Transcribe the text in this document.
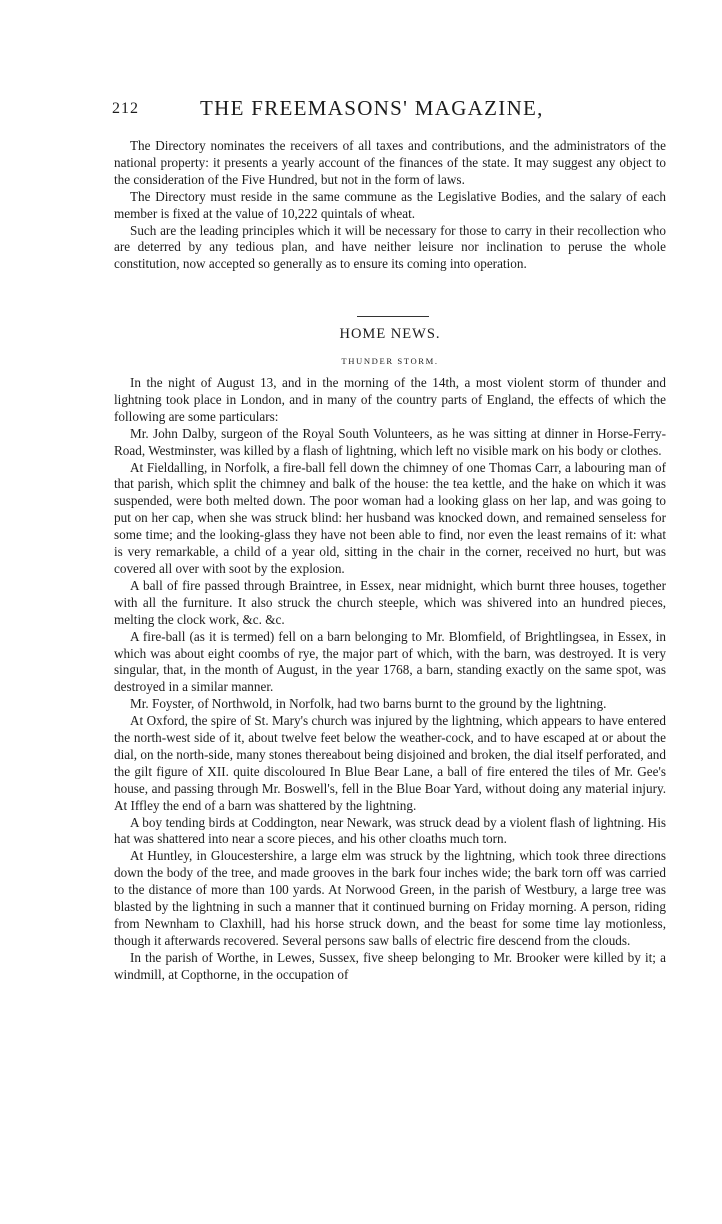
212	THE FREEMASONS' MAGAZINE,

The Directory nominates the receivers of all taxes and contributions, and the administrators of the national property: it presents a yearly account of the finances of the state. It may suggest any object to the consideration of the Five Hundred, but not in the form of laws.

The Directory must reside in the same commune as the Legislative Bodies, and the salary of each member is fixed at the value of 10,222 quintals of wheat.

Such are the leading principles which it will be necessary for those to carry in their recollection who are deterred by any tedious plan, and have neither leisure nor inclination to peruse the whole constitution, now accepted so generally as to ensure its coming into operation.

HOME NEWS.
THUNDER STORM.

In the night of August 13, and in the morning of the 14th, a most violent storm of thunder and lightning took place in London, and in many of the country parts of England, the effects of which the following are some particulars:

Mr. John Dalby, surgeon of the Royal South Volunteers, as he was sitting at dinner in Horse-Ferry-Road, Westminster, was killed by a flash of lightning, which left no visible mark on his body or clothes.

At Fieldalling, in Norfolk, a fire-ball fell down the chimney of one Thomas Carr, a labouring man of that parish, which split the chimney and balk of the house: the tea kettle, and the hake on which it was suspended, were both melted down. The poor woman had a looking glass on her lap, and was going to put on her cap, when she was struck blind: her husband was knocked down, and remained senseless for some time; and the looking-glass they have not been able to find, nor even the least remains of it: what is very remarkable, a child of a year old, sitting in the chair in the corner, received no hurt, but was covered all over with soot by the explosion.

A ball of fire passed through Braintree, in Essex, near midnight, which burnt three houses, together with all the furniture. It also struck the church steeple, which was shivered into an hundred pieces, melting the clock work, &c. &c.

A fire-ball (as it is termed) fell on a barn belonging to Mr. Blomfield, of Brightlingsea, in Essex, in which was about eight coombs of rye, the major part of which, with the barn, was destroyed. It is very singular, that, in the month of August, in the year 1768, a barn, standing exactly on the same spot, was destroyed in a similar manner.

Mr. Foyster, of Northwold, in Norfolk, had two barns burnt to the ground by the lightning.

At Oxford, the spire of St. Mary's church was injured by the lightning, which appears to have entered the north-west side of it, about twelve feet below the weather-cock, and to have escaped at or about the dial, on the north-side, many stones thereabout being disjoined and broken, the dial itself perforated, and the gilt figure of XII. quite discoloured In Blue Bear Lane, a ball of fire entered the tiles of Mr. Gee's house, and passing through Mr. Boswell's, fell in the Blue Boar Yard, without doing any material injury. At Iffley the end of a barn was shattered by the lightning.

A boy tending birds at Coddington, near Newark, was struck dead by a violent flash of lightning. His hat was shattered into near a score pieces, and his other cloaths much torn.

At Huntley, in Gloucestershire, a large elm was struck by the lightning, which took three directions down the body of the tree, and made grooves in the bark four inches wide; the bark torn off was carried to the distance of more than 100 yards. At Norwood Green, in the parish of Westbury, a large tree was blasted by the lightning in such a manner that it continued burning on Friday morning. A person, riding from Newnham to Claxhill, had his horse struck down, and the beast for some time lay motionless, though it afterwards recovered. Several persons saw balls of electric fire descend from the clouds.

In the parish of Worthe, in Lewes, Sussex, five sheep belonging to Mr. Brooker were killed by it; a windmill, at Copthorne, in the occupation of
